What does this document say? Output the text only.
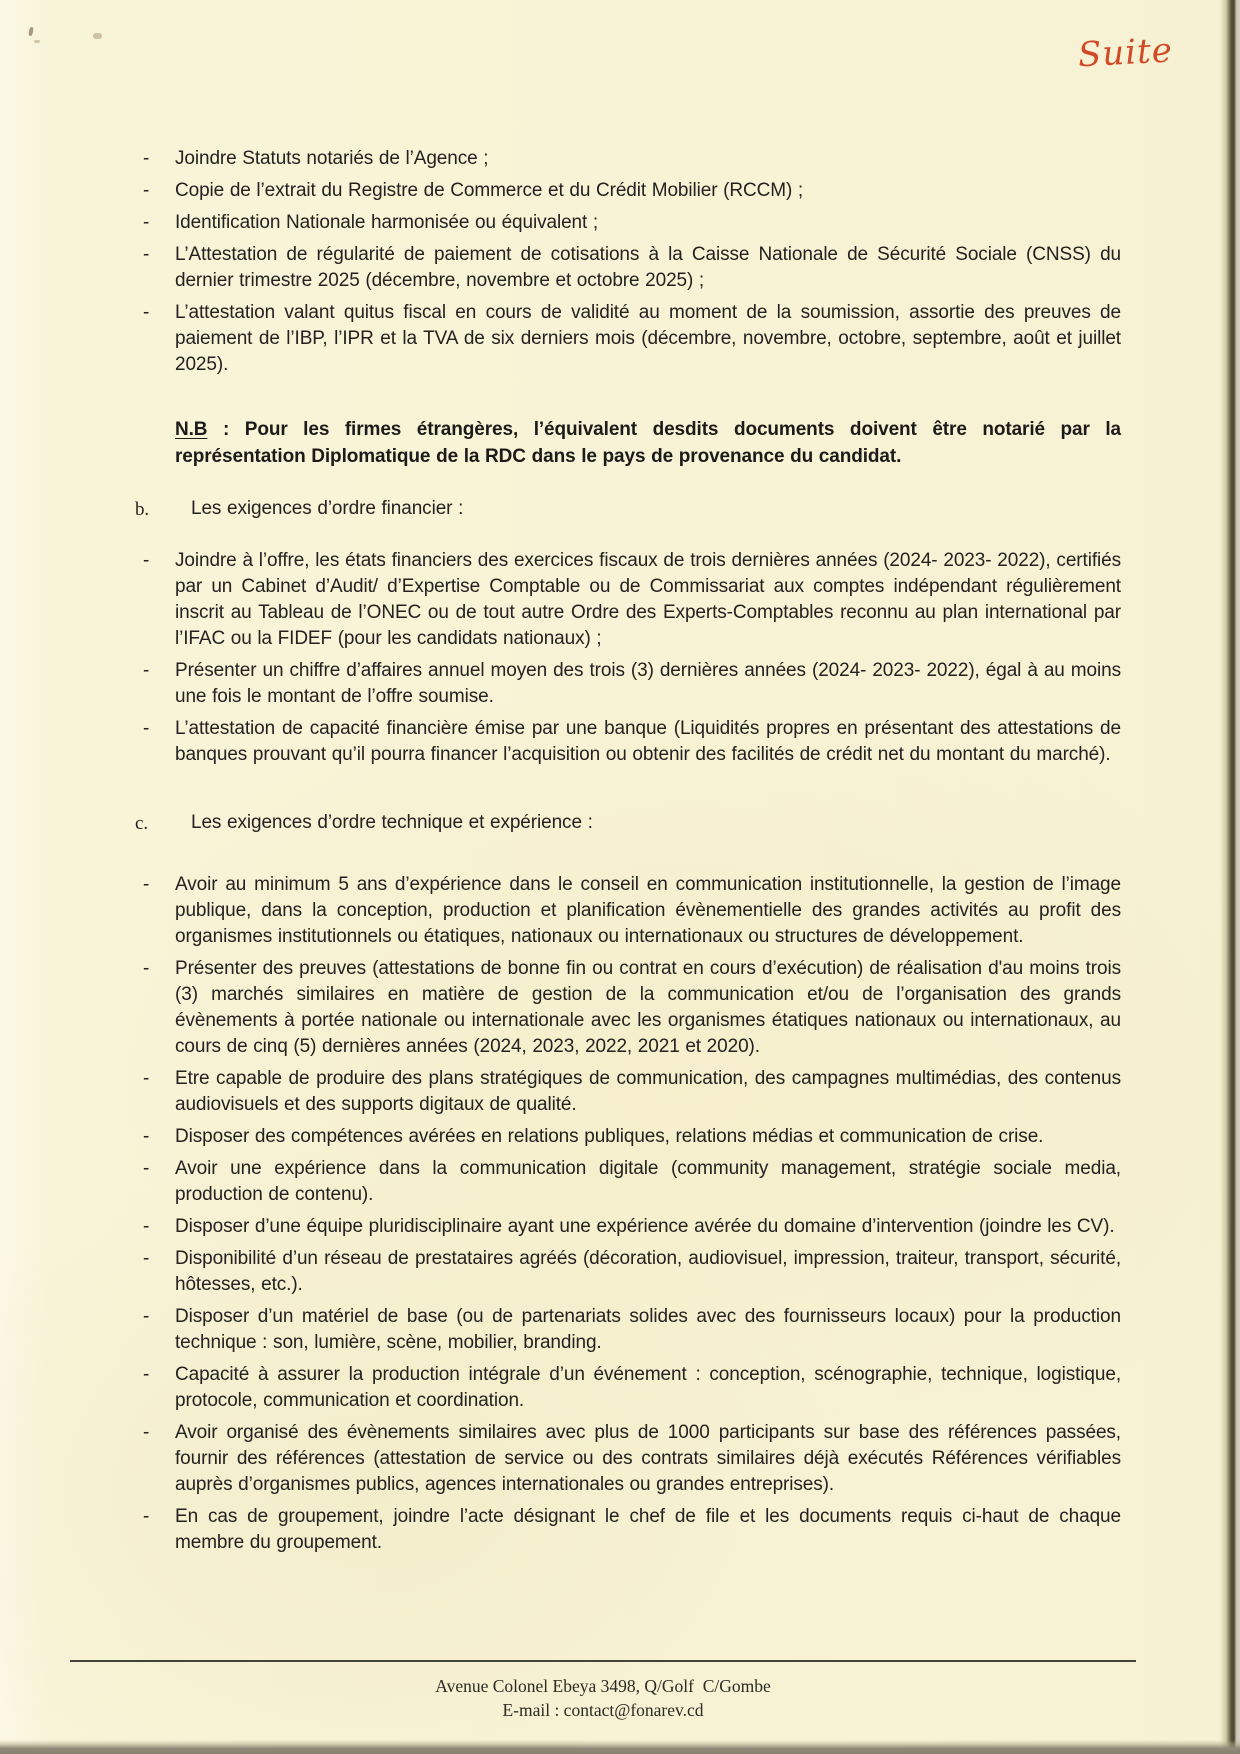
Suite
- Joindre Statuts notariés de l’Agence ;
- Copie de l’extrait du Registre de Commerce et du Crédit Mobilier (RCCM) ;
- Identification Nationale harmonisée ou équivalent ;
- L’Attestation de régularité de paiement de cotisations à la Caisse Nationale de Sécurité Sociale (CNSS) du dernier trimestre 2025 (décembre, novembre et octobre 2025) ;
- L’attestation valant quitus fiscal en cours de validité au moment de la soumission, assortie des preuves de paiement de l’IBP, l’IPR et la TVA de six derniers mois (décembre, novembre, octobre, septembre, août et juillet 2025).

N.B : Pour les firmes étrangères, l’équivalent desdits documents doivent être notarié par la représentation Diplomatique de la RDC dans le pays de provenance du candidat.

b. Les exigences d’ordre financier :
- Joindre à l’offre, les états financiers des exercices fiscaux de trois dernières années (2024- 2023- 2022), certifiés par un Cabinet d’Audit/ d’Expertise Comptable ou de Commissariat aux comptes indépendant régulièrement inscrit au Tableau de l’ONEC ou de tout autre Ordre des Experts-Comptables reconnu au plan international par l’IFAC ou la FIDEF (pour les candidats nationaux) ;
- Présenter un chiffre d’affaires annuel moyen des trois (3) dernières années (2024- 2023- 2022), égal à au moins une fois le montant de l’offre soumise.
- L’attestation de capacité financière émise par une banque (Liquidités propres en présentant des attestations de banques prouvant qu’il pourra financer l’acquisition ou obtenir des facilités de crédit net du montant du marché).
c. Les exigences d’ordre technique et expérience :
- Avoir au minimum 5 ans d’expérience dans le conseil en communication institutionnelle, la gestion de l’image publique, dans la conception, production et planification évènementielle des grandes activités au profit des organismes institutionnels ou étatiques, nationaux ou internationaux ou structures de développement.
- Présenter des preuves (attestations de bonne fin ou contrat en cours d’exécution) de réalisation d'au moins trois (3) marchés similaires en matière de gestion de la communication et/ou de l’organisation des grands évènements à portée nationale ou internationale avec les organismes étatiques nationaux ou internationaux, au cours de cinq (5) dernières années (2024, 2023, 2022, 2021 et 2020).
- Etre capable de produire des plans stratégiques de communication, des campagnes multimédias, des contenus audiovisuels et des supports digitaux de qualité.
- Disposer des compétences avérées en relations publiques, relations médias et communication de crise.
- Avoir une expérience dans la communication digitale (community management, stratégie sociale media, production de contenu).
- Disposer d’une équipe pluridisciplinaire ayant une expérience avérée du domaine d’intervention (joindre les CV).
- Disponibilité d’un réseau de prestataires agréés (décoration, audiovisuel, impression, traiteur, transport, sécurité, hôtesses, etc.).
- Disposer d’un matériel de base (ou de partenariats solides avec des fournisseurs locaux) pour la production technique : son, lumière, scène, mobilier, branding.
- Capacité à assurer la production intégrale d’un événement : conception, scénographie, technique, logistique, protocole, communication et coordination.
- Avoir organisé des évènements similaires avec plus de 1000 participants sur base des références passées, fournir des références (attestation de service ou des contrats similaires déjà exécutés Références vérifiables auprès d’organismes publics, agences internationales ou grandes entreprises).
- En cas de groupement, joindre l’acte désignant le chef de file et les documents requis ci-haut de chaque membre du groupement.
Avenue Colonel Ebeya 3498, Q/Golf  C/Gombe
E-mail : contact@fonarev.cd
